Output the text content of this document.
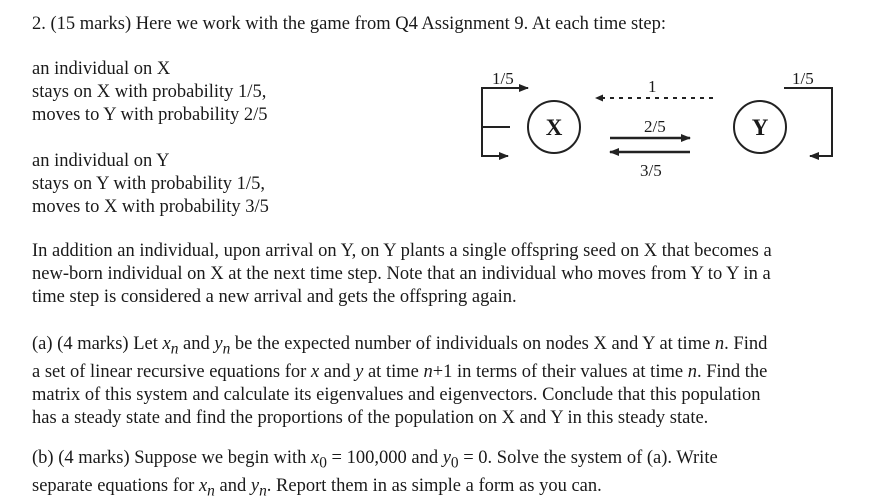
2. (15 marks) Here we work with the game from Q4 Assignment 9. At each time step:
an individual on X
stays on X with probability 1/5,
moves to Y with probability 2/5
an individual on Y
stays on Y with probability 1/5,
moves to X with probability 3/5
1/5
X	Y
1/5
1
2/5
3/5
In addition an individual, upon arrival on Y, on Y plants a single offspring seed on X that becomes a
new-born individual on X at the next time step. Note that an individual who moves from Y to Y in a
time step is considered a new arrival and gets the offspring again.
(a) (4 marks) Let $x_n$ and $y_n$ be the expected number of individuals on nodes X and Y at time n. Find
a set of linear recursive equations for x and y at time n+1 in terms of their values at time n. Find the
matrix of this system and calculate its eigenvalues and eigenvectors. Conclude that this population
has a steady state and find the proportions of the population on X and Y in this steady state.
(b) (4 marks) Suppose we begin with $x_0 = 100,000$ and $y_0 = 0$. Solve the system of (a). Write
separate equations for $x_n$ and $y_n$. Report them in as simple a form as you can.
